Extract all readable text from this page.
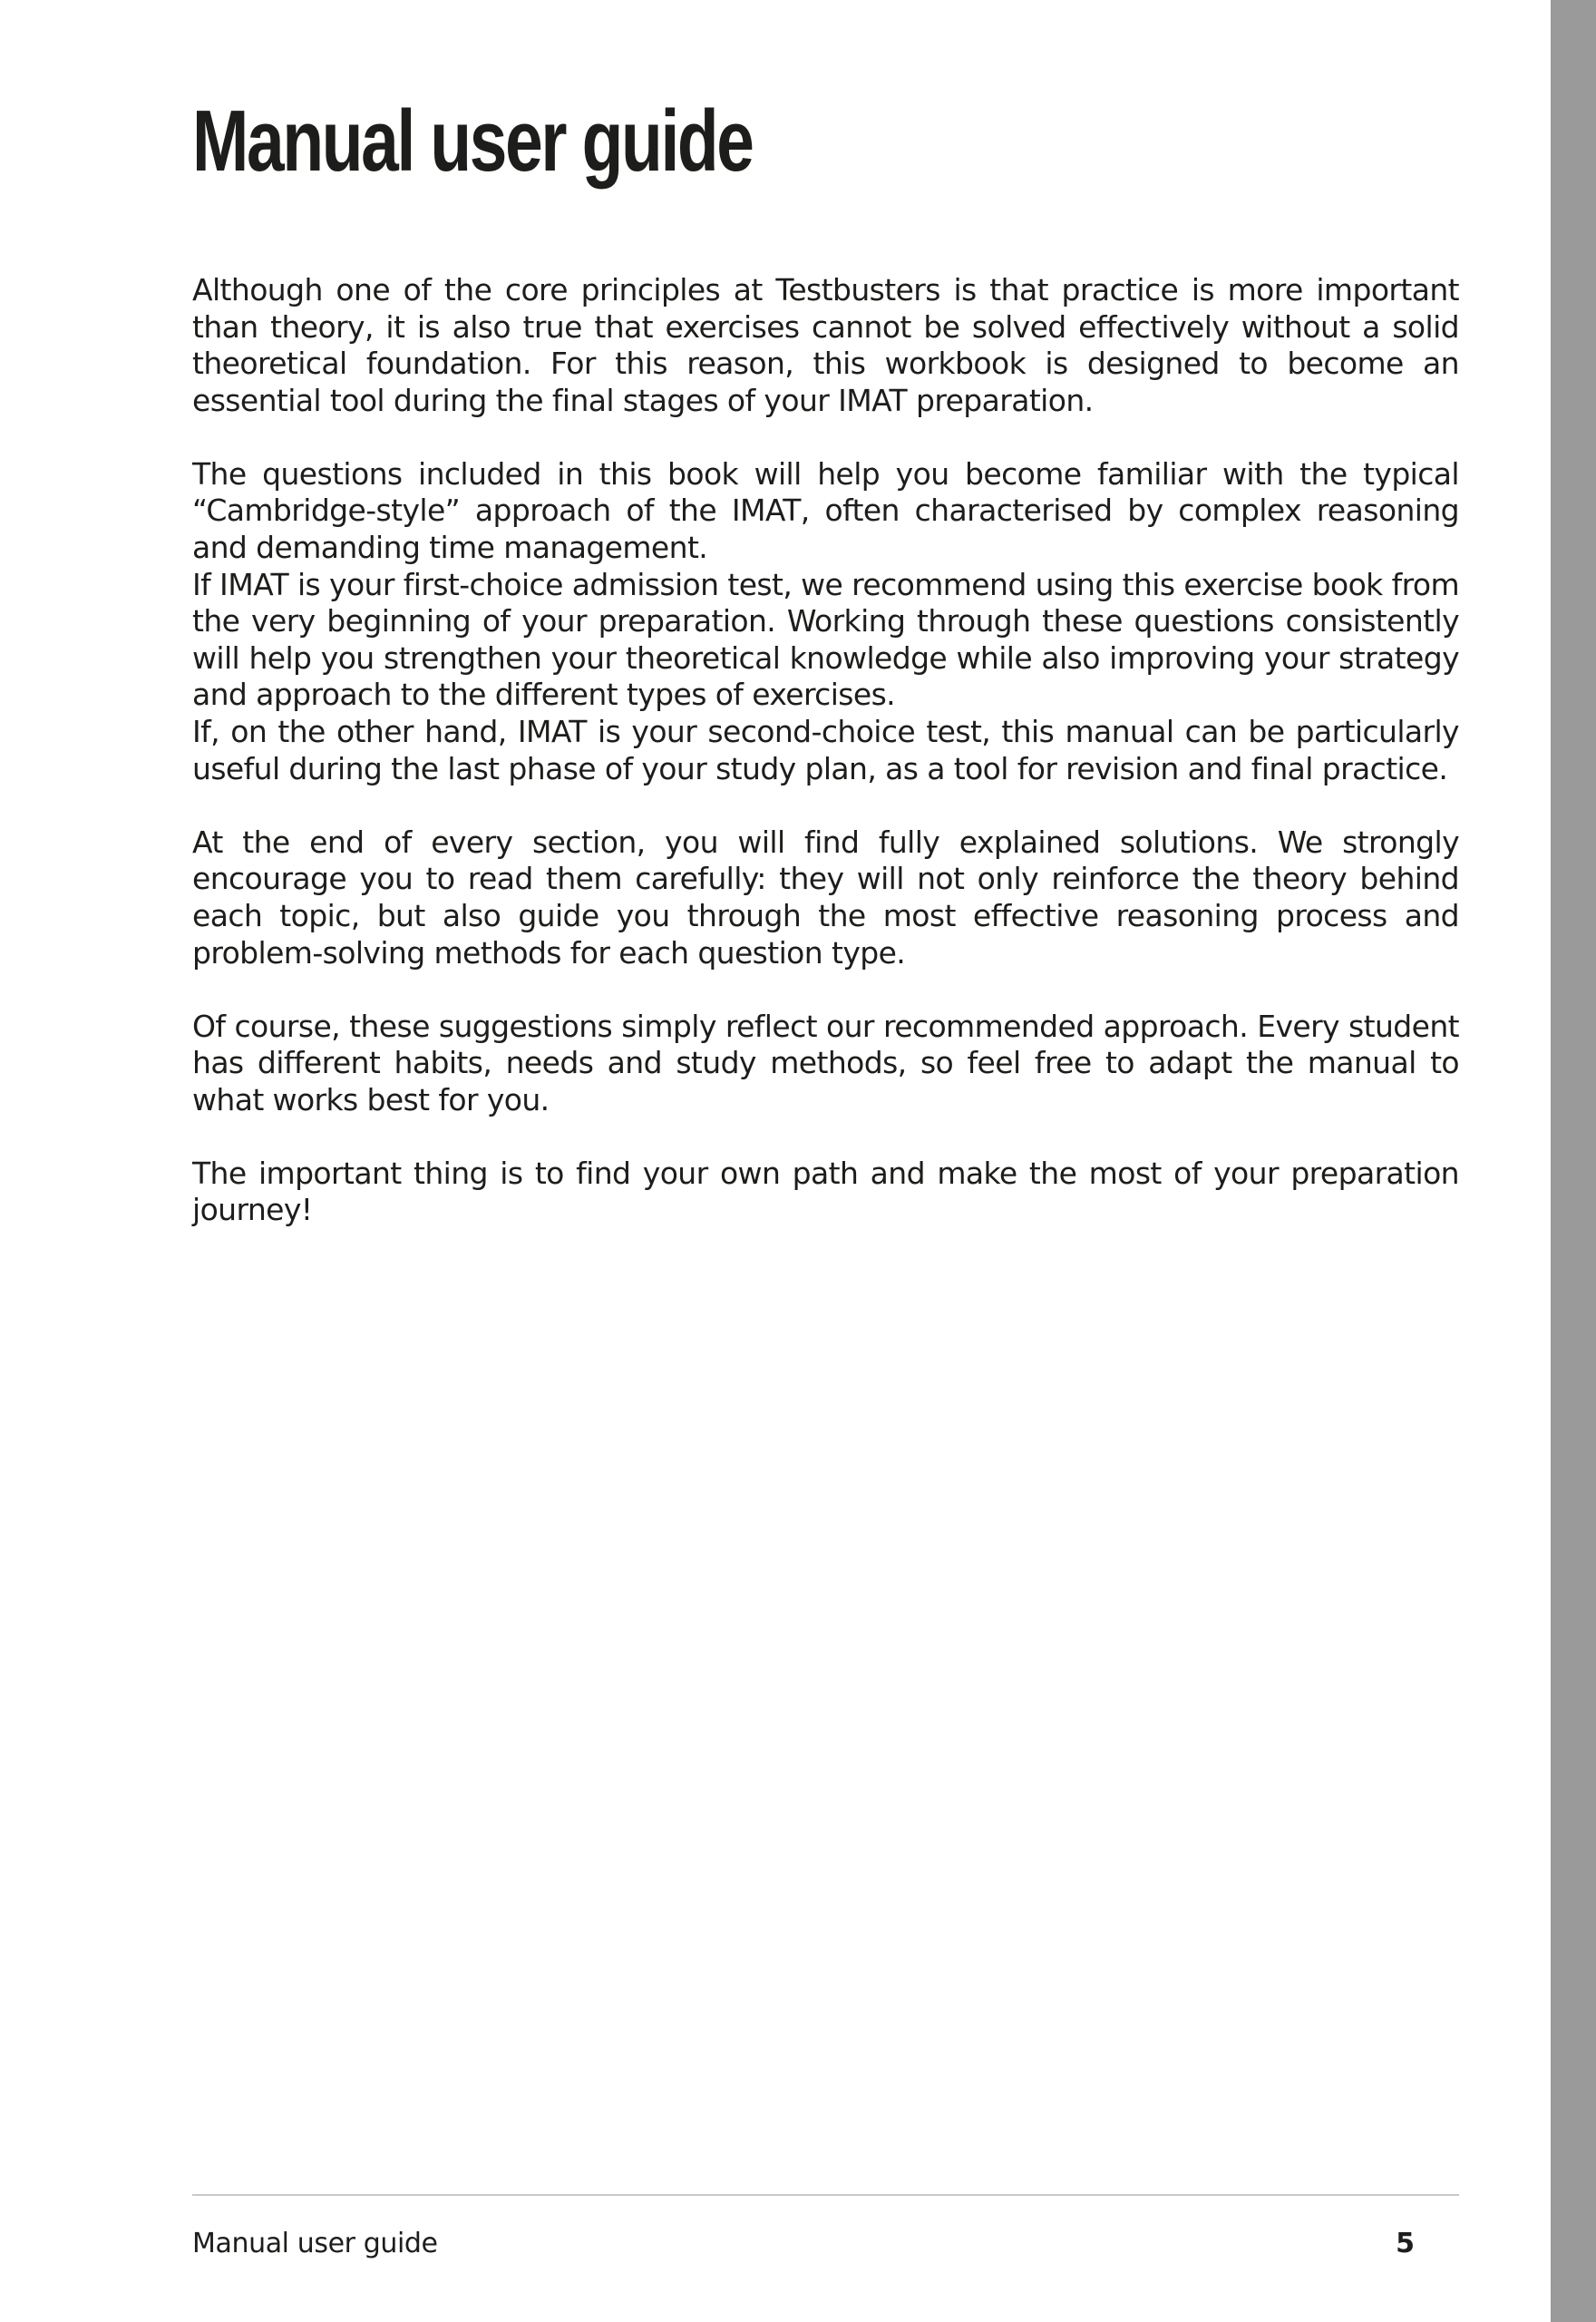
Manual user guide

Although one of the core principles at Testbusters is that practice is more important than theory, it is also true that exercises cannot be solved effectively without a solid theoretical foundation. For this reason, this workbook is designed to become an essential tool during the final stages of your IMAT preparation.

The questions included in this book will help you become familiar with the typical “Cambridge-style” approach of the IMAT, often characterised by complex reasoning and demanding time management.

If IMAT is your first-choice admission test, we recommend using this exercise book from the very beginning of your preparation. Working through these questions consistently will help you strengthen your theoretical knowledge while also improving your strategy and approach to the different types of exercises.

If, on the other hand, IMAT is your second-choice test, this manual can be particularly useful during the last phase of your study plan, as a tool for revision and final practice.

At the end of every section, you will find fully explained solutions. We strongly encourage you to read them carefully: they will not only reinforce the theory behind each topic, but also guide you through the most effective reasoning process and problem-solving methods for each question type.

Of course, these suggestions simply reflect our recommended approach. Every student has different habits, needs and study methods, so feel free to adapt the manual to what works best for you.

The important thing is to find your own path and make the most of your preparation journey!

Manual user guide	5
